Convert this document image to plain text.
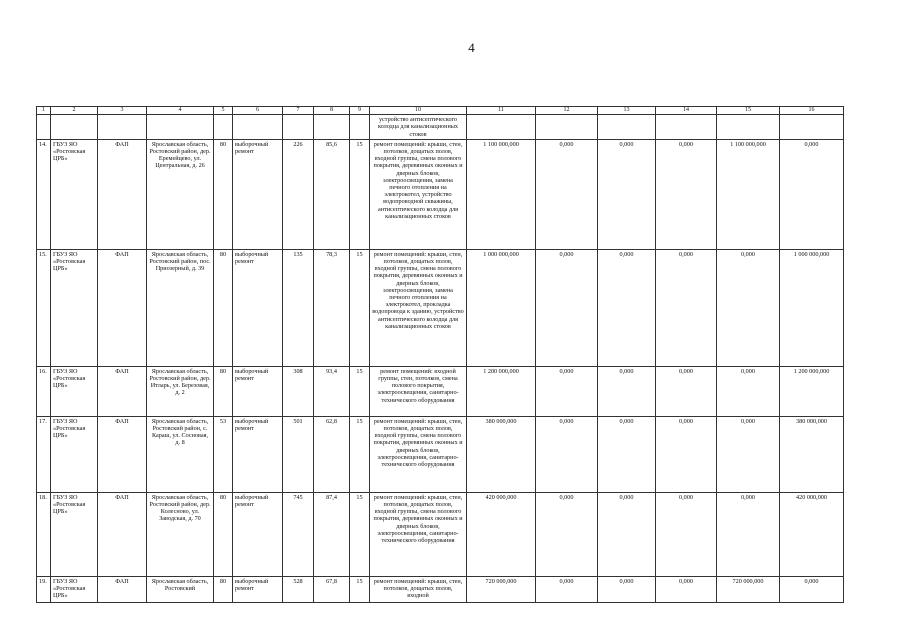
4
1	2	3	4	5	6	7	8	9	10	11	12	13	14	15	16
									устройство антисептического колодца для канализационных стоков						
14.	ГБУЗ ЯО «Ростовская ЦРБ»	ФАП	Ярославская область, Ростовский район, дер. Еремейцево, ул. Центральная, д. 26	80	выборочный ремонт	226	85,6	15	ремонт помещений: крыши, стен, потолков, дощатых полов, входной группы, смена полового покрытия, деревянных оконных и дверных блоков, электроосвещения, замена печного отопления на электрокотел, устройство водопроводной скважины, антисептического колодца для канализационных стоков	1 100 000,000	0,000	0,000	0,000	1 100 000,000	0,000
15.	ГБУЗ ЯО «Ростовская ЦРБ»	ФАП	Ярославская область, Ростовский район, пос. Приозерный, д. 39	80	выборочный ремонт	135	78,3	15	ремонт помещений: крыши, стен, потолков, дощатых полов, входной группы, смена полового покрытия, деревянных оконных и дверных блоков, электроосвещения, замена печного отопления на электрокотел, прокладка водопровода к зданию, устройство антисептического колодца для канализационных стоков	1 000 000,000	0,000	0,000	0,000	0,000	1 000 000,000
16.	ГБУЗ ЯО «Ростовская ЦРБ»	ФАП	Ярославская область, Ростовский район, дер. Итларь, ул. Березовая, д. 2	80	выборочный ремонт	308	93,4	15	ремонт помещений: входной группы, стен, потолков, смена полового покрытия, электроосвещения, санитарно-технического оборудования	1 200 000,000	0,000	0,000	0,000	0,000	1 200 000,000
17.	ГБУЗ ЯО «Ростовская ЦРБ»	ФАП	Ярославская область, Ростовский район, с. Караш, ул. Сосновая, д. 8	53	выборочный ремонт	501	62,8	15	ремонт помещений: крыши, стен, потолков, дощатых полов, входной группы, смена полового покрытия, деревянных оконных и дверных блоков, электроосвещения, санитарно-технического оборудования	380 000,000	0,000	0,000	0,000	0,000	380 000,000
18.	ГБУЗ ЯО «Ростовская ЦРБ»	ФАП	Ярославская область, Ростовский район, дер. Колесново, ул. Заводская, д. 70	80	выборочный ремонт	745	87,4	15	ремонт помещений: крыши, стен, потолков, дощатых полов, входной группы, смена полового покрытия, деревянных оконных и дверных блоков, электроосвещения, санитарно-технического оборудования	420 000,000	0,000	0,000	0,000	0,000	420 000,000
19.	ГБУЗ ЯО «Ростовская ЦРБ»	ФАП	Ярославская область, Ростовский	80	выборочный ремонт	528	67,8	15	ремонт помещений: крыши, стен, потолков, дощатых полов, входной	720 000,000	0,000	0,000	0,000	720 000,000	0,000
